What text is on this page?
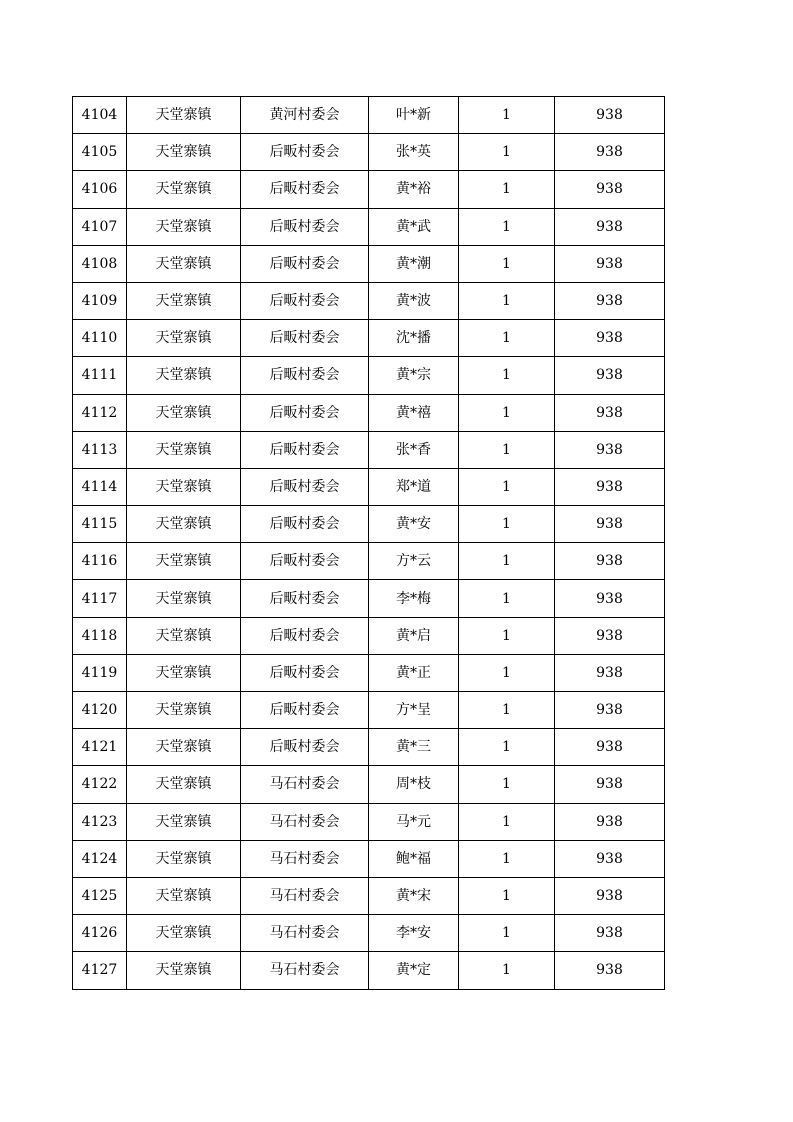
4104	天堂寨镇	黄河村委会	叶*新	1	938
4105	天堂寨镇	后畈村委会	张*英	1	938
4106	天堂寨镇	后畈村委会	黄*裕	1	938
4107	天堂寨镇	后畈村委会	黄*武	1	938
4108	天堂寨镇	后畈村委会	黄*潮	1	938
4109	天堂寨镇	后畈村委会	黄*波	1	938
4110	天堂寨镇	后畈村委会	沈*播	1	938
4111	天堂寨镇	后畈村委会	黄*宗	1	938
4112	天堂寨镇	后畈村委会	黄*禧	1	938
4113	天堂寨镇	后畈村委会	张*香	1	938
4114	天堂寨镇	后畈村委会	郑*道	1	938
4115	天堂寨镇	后畈村委会	黄*安	1	938
4116	天堂寨镇	后畈村委会	方*云	1	938
4117	天堂寨镇	后畈村委会	李*梅	1	938
4118	天堂寨镇	后畈村委会	黄*启	1	938
4119	天堂寨镇	后畈村委会	黄*正	1	938
4120	天堂寨镇	后畈村委会	方*呈	1	938
4121	天堂寨镇	后畈村委会	黄*三	1	938
4122	天堂寨镇	马石村委会	周*枝	1	938
4123	天堂寨镇	马石村委会	马*元	1	938
4124	天堂寨镇	马石村委会	鲍*福	1	938
4125	天堂寨镇	马石村委会	黄*宋	1	938
4126	天堂寨镇	马石村委会	李*安	1	938
4127	天堂寨镇	马石村委会	黄*定	1	938
